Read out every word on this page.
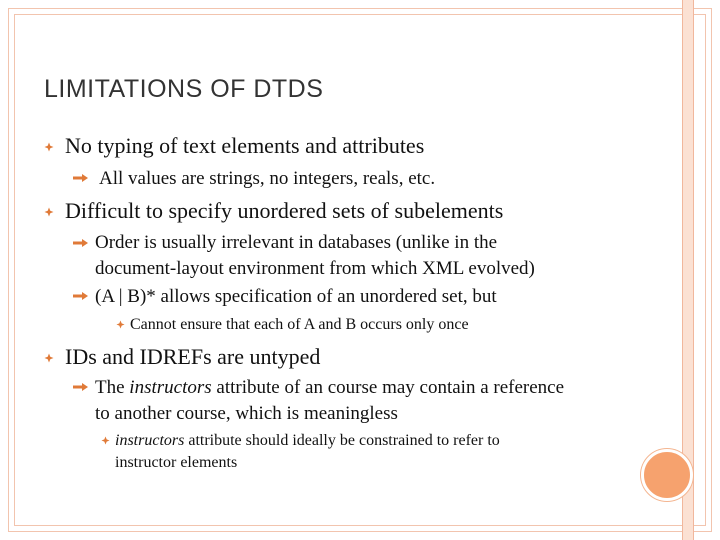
LIMITATIONS OF DTDS
No typing of text elements and attributes
All values are strings, no integers, reals, etc.
Difficult to specify unordered sets of subelements
Order is usually irrelevant in databases (unlike in the
document-layout environment from which XML evolved)
(A | B)* allows specification of an unordered set, but
Cannot ensure that each of A and B occurs only once
IDs and IDREFs are untyped
The instructors attribute of an course may contain a reference
to another course, which is meaningless
instructors attribute should ideally be constrained to refer to
instructor elements
